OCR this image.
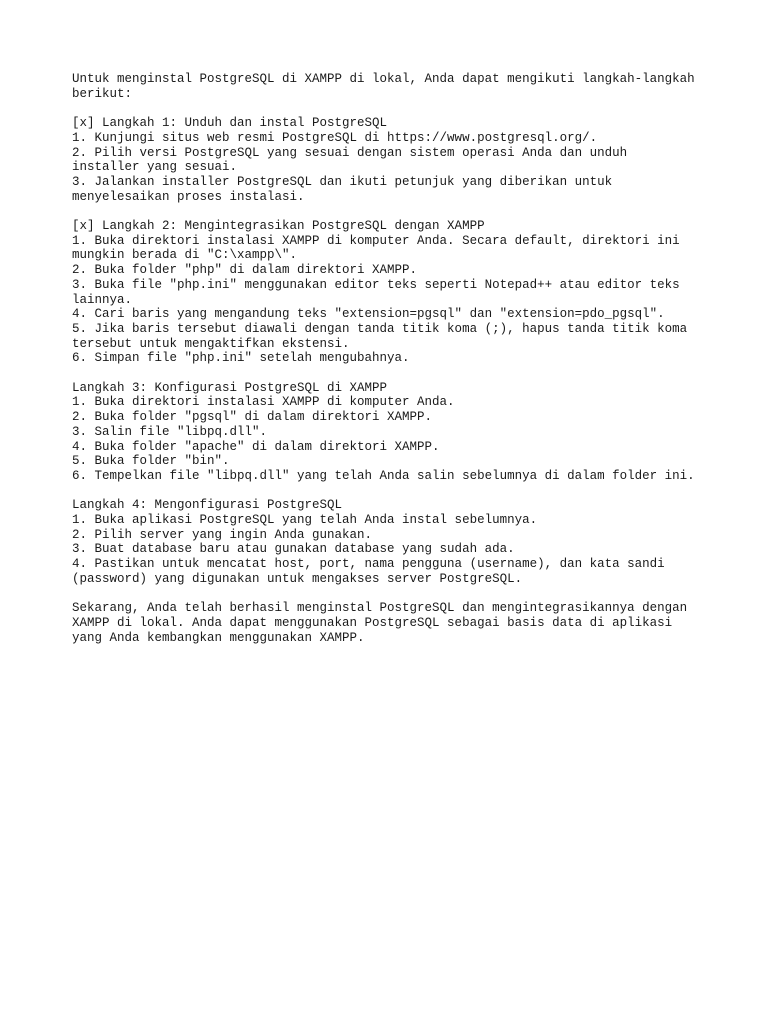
Untuk menginstal PostgreSQL di XAMPP di lokal, Anda dapat mengikuti langkah-langkah
berikut:
[x] Langkah 1: Unduh dan instal PostgreSQL
1. Kunjungi situs web resmi PostgreSQL di https://www.postgresql.org/.
2. Pilih versi PostgreSQL yang sesuai dengan sistem operasi Anda dan unduh
installer yang sesuai.
3. Jalankan installer PostgreSQL dan ikuti petunjuk yang diberikan untuk
menyelesaikan proses instalasi.
[x] Langkah 2: Mengintegrasikan PostgreSQL dengan XAMPP
1. Buka direktori instalasi XAMPP di komputer Anda. Secara default, direktori ini
mungkin berada di "C:\xampp\".
2. Buka folder "php" di dalam direktori XAMPP.
3. Buka file "php.ini" menggunakan editor teks seperti Notepad++ atau editor teks
lainnya.
4. Cari baris yang mengandung teks "extension=pgsql" dan "extension=pdo_pgsql".
5. Jika baris tersebut diawali dengan tanda titik koma (;), hapus tanda titik koma
tersebut untuk mengaktifkan ekstensi.
6. Simpan file "php.ini" setelah mengubahnya.
Langkah 3: Konfigurasi PostgreSQL di XAMPP
1. Buka direktori instalasi XAMPP di komputer Anda.
2. Buka folder "pgsql" di dalam direktori XAMPP.
3. Salin file "libpq.dll".
4. Buka folder "apache" di dalam direktori XAMPP.
5. Buka folder "bin".
6. Tempelkan file "libpq.dll" yang telah Anda salin sebelumnya di dalam folder ini.
Langkah 4: Mengonfigurasi PostgreSQL
1. Buka aplikasi PostgreSQL yang telah Anda instal sebelumnya.
2. Pilih server yang ingin Anda gunakan.
3. Buat database baru atau gunakan database yang sudah ada.
4. Pastikan untuk mencatat host, port, nama pengguna (username), dan kata sandi
(password) yang digunakan untuk mengakses server PostgreSQL.
Sekarang, Anda telah berhasil menginstal PostgreSQL dan mengintegrasikannya dengan
XAMPP di lokal. Anda dapat menggunakan PostgreSQL sebagai basis data di aplikasi
yang Anda kembangkan menggunakan XAMPP.
